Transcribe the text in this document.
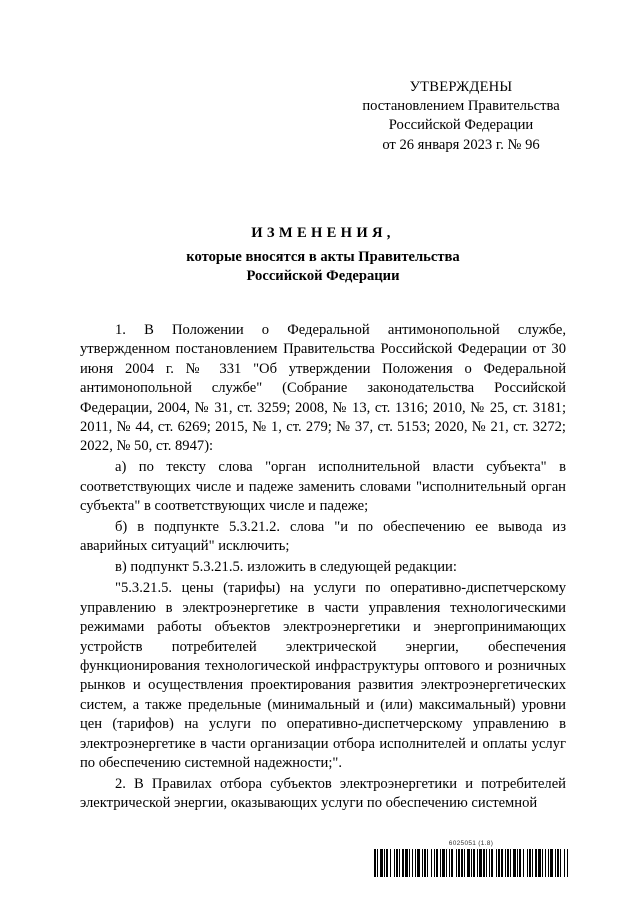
УТВЕРЖДЕНЫ
постановлением Правительства
Российской Федерации
от 26 января 2023 г. № 96
ИЗМЕНЕНИЯ,
которые вносятся в акты Правительства
Российской Федерации

1. В Положении о Федеральной антимонопольной службе, утвержденном постановлением Правительства Российской Федерации от 30 июня 2004 г. № 331 "Об утверждении Положения о Федеральной антимонопольной службе" (Собрание законодательства Российской Федерации, 2004, № 31, ст. 3259; 2008, № 13, ст. 1316; 2010, № 25, ст. 3181; 2011, № 44, ст. 6269; 2015, № 1, ст. 279; № 37, ст. 5153; 2020, № 21, ст. 3272; 2022, № 50, ст. 8947):

а) по тексту слова "орган исполнительной власти субъекта" в соответствующих числе и падеже заменить словами "исполнительный орган субъекта" в соответствующих числе и падеже;

б) в подпункте 5.3.21.2. слова "и по обеспечению ее вывода из аварийных ситуаций" исключить;

в) подпункт 5.3.21.5. изложить в следующей редакции:

"5.3.21.5. цены (тарифы) на услуги по оперативно-диспетчерскому управлению в электроэнергетике в части управления технологическими режимами работы объектов электроэнергетики и энергопринимающих устройств потребителей электрической энергии, обеспечения функционирования технологической инфраструктуры оптового и розничных рынков и осуществления проектирования развития электроэнергетических систем, а также предельные (минимальный и (или) максимальный) уровни цен (тарифов) на услуги по оперативно-диспетчерскому управлению в электроэнергетике в части организации отбора исполнителей и оплаты услуг по обеспечению системной надежности;".

2. В Правилах отбора субъектов электроэнергетики и потребителей электрической энергии, оказывающих услуги по обеспечению системной

6025051 (1.8)
